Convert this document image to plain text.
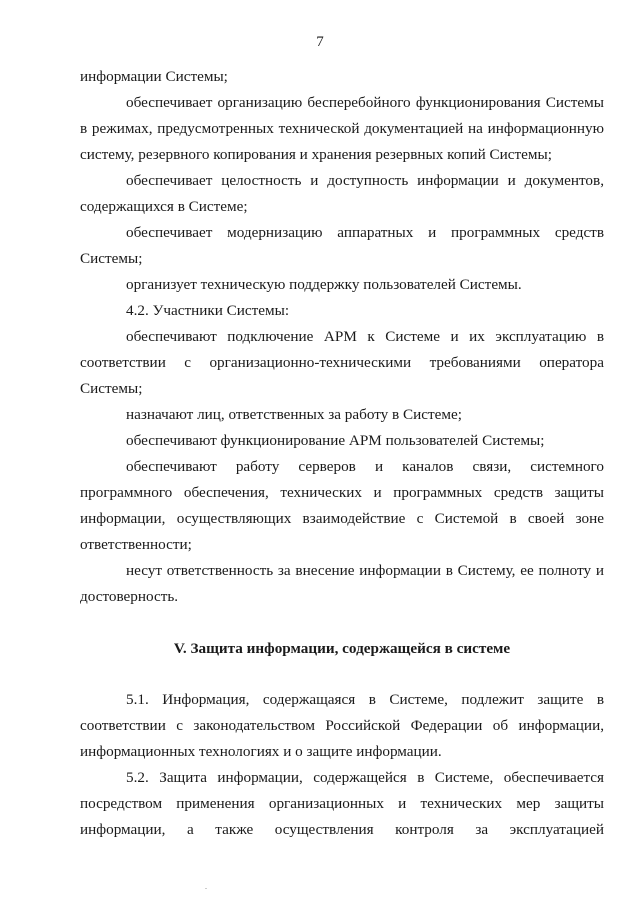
7

информации Системы;

обеспечивает организацию бесперебойного функционирования Системы в режимах, предусмотренных технической документацией на информационную систему, резервного копирования и хранения резервных копий Системы;

обеспечивает целостность и доступность информации и документов, содержащихся в Системе;

обеспечивает модернизацию аппаратных и программных средств Системы;

организует техническую поддержку пользователей Системы.

4.2. Участники Системы:

обеспечивают подключение АРМ к Системе и их эксплуатацию в соответствии с организационно-техническими требованиями оператора Системы;

назначают лиц, ответственных за работу в Системе;

обеспечивают функционирование АРМ пользователей Системы;

обеспечивают работу серверов и каналов связи, системного программного обеспечения, технических и программных средств защиты информации, осуществляющих взаимодействие с Системой в своей зоне ответственности;

несут ответственность за внесение информации в Систему, ее полноту и достоверность.

V. Защита информации, содержащейся в системе

5.1. Информация, содержащаяся в Системе, подлежит защите в соответствии с законодательством Российской Федерации об информации, информационных технологиях и о защите информации.

5.2. Защита информации, содержащейся в Системе, обеспечивается посредством применения организационных и технических мер защиты информации, а также осуществления контроля за эксплуатацией
